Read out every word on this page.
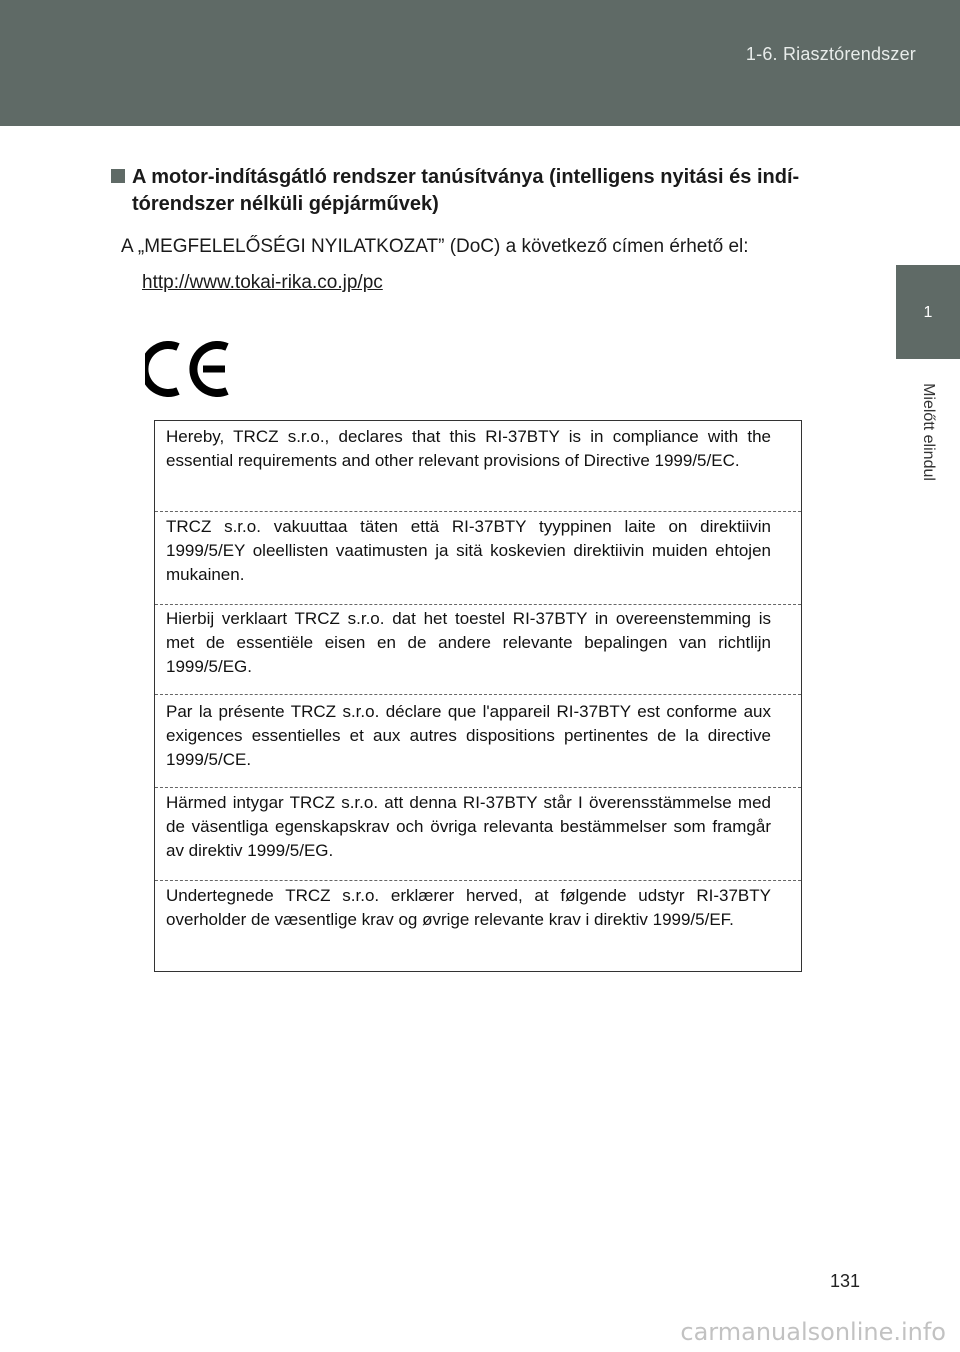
1-6. Riasztórendszer
1
Mielőtt elindul
A motor-indításgátló rendszer tanúsítványa (intelligens nyitási és indí-
tórendszer nélküli gépjárművek)
A „MEGFELELŐSÉGI NYILATKOZAT” (DoC) a következő címen érhető el:
http://www.tokai-rika.co.jp/pc
Hereby, TRCZ s.r.o., declares that this RI-37BTY is in compliance with the essential requirements and other relevant provisions of Directive 1999/5/EC.
TRCZ s.r.o. vakuuttaa täten että RI-37BTY tyyppinen laite on direktiivin 1999/5/EY oleellisten vaatimusten ja sitä koskevien direktiivin muiden ehtojen mukainen.
Hierbij verklaart TRCZ s.r.o. dat het toestel RI-37BTY in overeenstemming is met de essentiële eisen en de andere relevante bepalingen van richtlijn 1999/5/EG.
Par la présente TRCZ s.r.o. déclare que l'appareil RI-37BTY est conforme aux exigences essentielles et aux autres dispositions pertinentes de la directive 1999/5/CE.
Härmed intygar TRCZ s.r.o. att denna RI-37BTY står I överensstämmelse med de väsentliga egenskapskrav och övriga relevanta bestämmelser som framgår av direktiv 1999/5/EG.
Undertegnede TRCZ s.r.o. erklærer herved, at følgende udstyr RI-37BTY overholder de væsentlige krav og øvrige relevante krav i direktiv 1999/5/EF.
131
carmanualsonline.info
